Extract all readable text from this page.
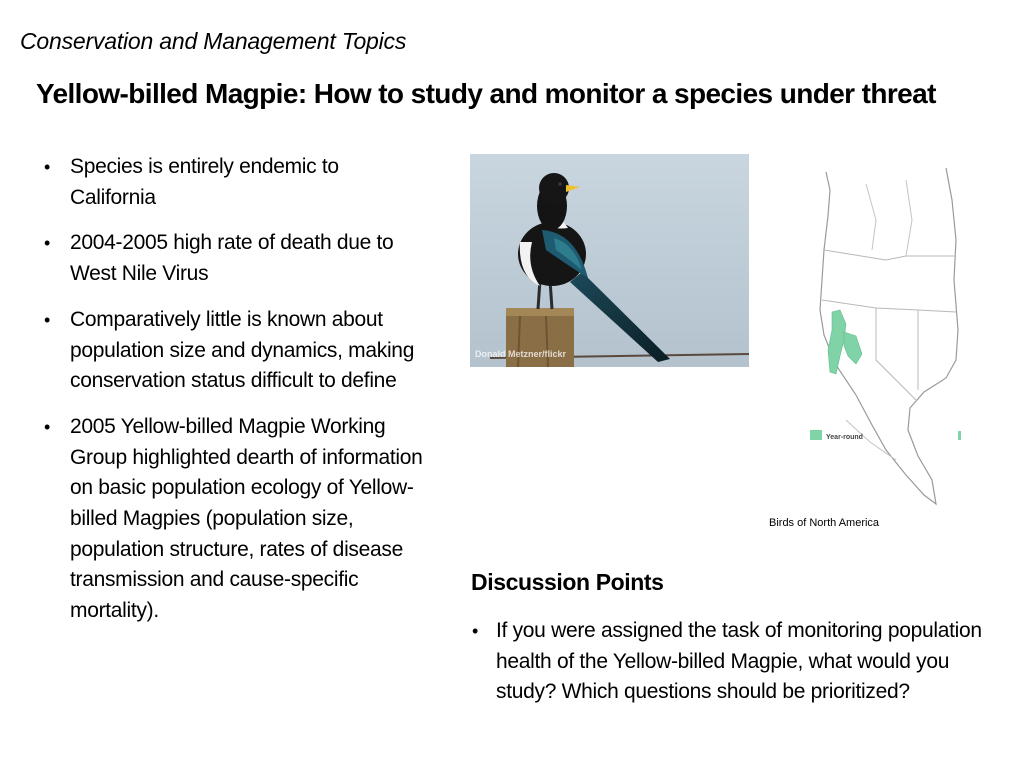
Conservation and Management Topics
Yellow-billed Magpie: How to study and monitor a species under threat
• Species is entirely endemic to California
• 2004-2005 high rate of death due to West Nile Virus
• Comparatively little is known about population size and dynamics, making conservation status difficult to define
• 2005 Yellow-billed Magpie Working Group highlighted dearth of information on basic population ecology of Yellow-billed Magpies (population size, population structure, rates of disease transmission and cause-specific mortality).
Donald Metzner/flickr
Year-round
Birds of North America
Discussion Points
• If you were assigned the task of monitoring population health of the Yellow-billed Magpie, what would you study? Which questions should be prioritized?
